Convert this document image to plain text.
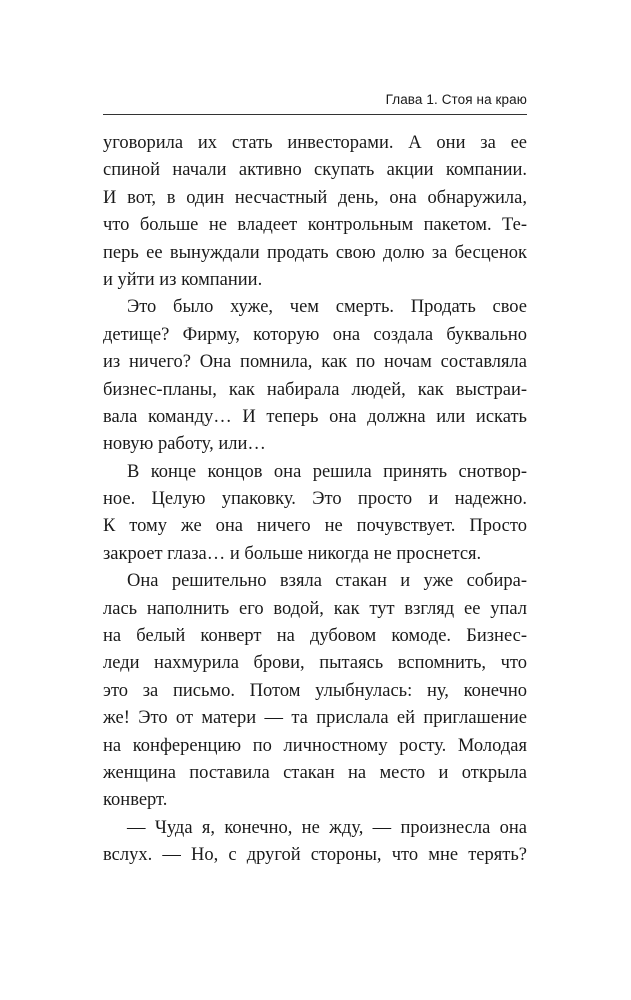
Глава 1. Стоя на краю
уговорила их стать инвесторами. А они за ее
спиной начали активно скупать акции компании.
И вот, в один несчастный день, она обнаружила,
что больше не владеет контрольным пакетом. Те-
перь ее вынуждали продать свою долю за бесценок
и уйти из компании.
Это было хуже, чем смерть. Продать свое
детище? Фирму, которую она создала буквально
из ничего? Она помнила, как по ночам составляла
бизнес-планы, как набирала людей, как выстраи-
вала команду… И теперь она должна или искать
новую работу, или…
В конце концов она решила принять снотвор-
ное. Целую упаковку. Это просто и надежно.
К тому же она ничего не почувствует. Просто
закроет глаза… и больше никогда не проснется.
Она решительно взяла стакан и уже собира-
лась наполнить его водой, как тут взгляд ее упал
на белый конверт на дубовом комоде. Бизнес-
леди нахмурила брови, пытаясь вспомнить, что
это за письмо. Потом улыбнулась: ну, конечно
же! Это от матери — та прислала ей приглашение
на конференцию по личностному росту. Молодая
женщина поставила стакан на место и открыла
конверт.
— Чуда я, конечно, не жду, — произнесла она
вслух. — Но, с другой стороны, что мне терять?
